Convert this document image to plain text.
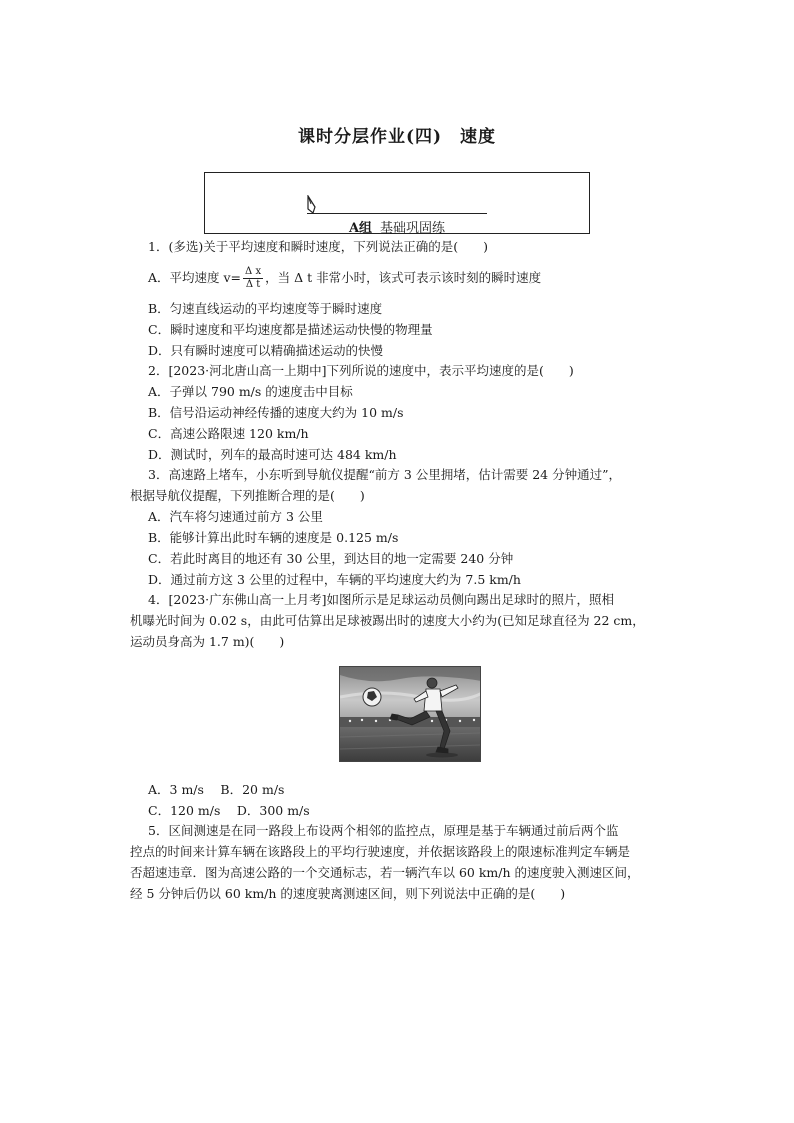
课时分层作业(四) 速度
A组 基础巩固练
1．(多选)关于平均速度和瞬时速度，下列说法正确的是(　　)
A．平均速度 $v= \frac{\text{Δ x}}{\text{Δ t}}$ ，当 Δ t 非常小时，该式可表示该时刻的瞬时速度
B．匀速直线运动的平均速度等于瞬时速度
C．瞬时速度和平均速度都是描述运动快慢的物理量
D．只有瞬时速度可以精确描述运动的快慢
2．[2023·河北唐山高一上期中]下列所说的速度中，表示平均速度的是(　　)
A．子弹以 790 m/s 的速度击中目标
B．信号沿运动神经传播的速度大约为 10 m/s
C．高速公路限速 120 km/h
D．测试时，列车的最高时速可达 484 km/h
3．高速路上堵车，小东听到导航仪提醒“前方 3 公里拥堵，估计需要 24 分钟通过”，
根据导航仪提醒，下列推断合理的是(　　)
A．汽车将匀速通过前方 3 公里
B．能够计算出此时车辆的速度是 0.125 m/s
C．若此时离目的地还有 30 公里，到达目的地一定需要 240 分钟
D．通过前方这 3 公里的过程中，车辆的平均速度大约为 7.5 km/h
4．[2023·广东佛山高一上月考]如图所示是足球运动员侧向踢出足球时的照片，照相
机曝光时间为 0.02 s，由此可估算出足球被踢出时的速度大小约为(已知足球直径为 22 cm，
运动员身高为 1.7 m)(　　)
A．3 m/s　 B．20 m/s
C．120 m/s　 D．300 m/s
5．区间测速是在同一路段上布设两个相邻的监控点，原理是基于车辆通过前后两个监
控点的时间来计算车辆在该路段上的平均行驶速度，并依据该路段上的限速标准判定车辆是
否超速违章．图为高速公路的一个交通标志，若一辆汽车以 60 km/h 的速度驶入测速区间，
经 5 分钟后仍以 60 km/h 的速度驶离测速区间，则下列说法中正确的是(　　)
